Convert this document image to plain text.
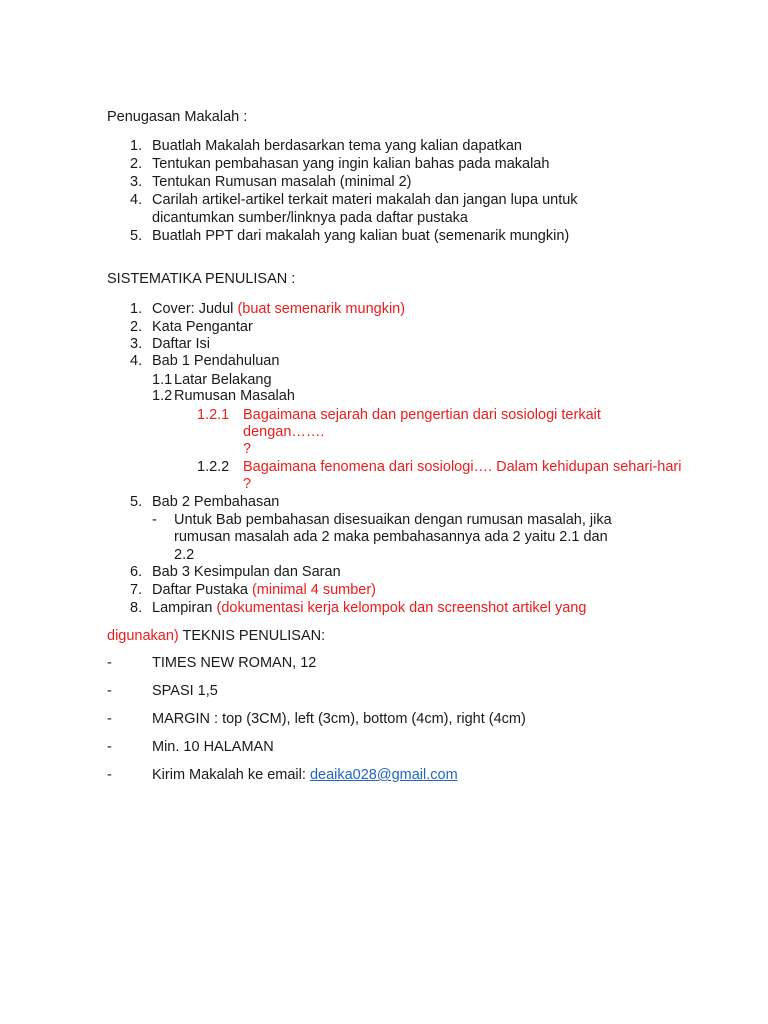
Penugasan Makalah :
1. Buatlah Makalah berdasarkan tema yang kalian dapatkan
2. Tentukan pembahasan yang ingin kalian bahas pada makalah
3. Tentukan Rumusan masalah (minimal 2)
4. Carilah artikel-artikel terkait materi makalah dan jangan lupa untuk
dicantumkan sumber/linknya pada daftar pustaka
5. Buatlah PPT dari makalah yang kalian buat (semenarik mungkin)
SISTEMATIKA PENULISAN :
1. Cover: Judul (buat semenarik mungkin)
2. Kata Pengantar
3. Daftar Isi
4. Bab 1 Pendahuluan
1.1 Latar Belakang
1.2 Rumusan Masalah
1.2.1 Bagaimana sejarah dan pengertian dari sosiologi terkait
dengan…….
?
1.2.2 Bagaimana fenomena dari sosiologi…. Dalam kehidupan sehari-hari
?
5. Bab 2 Pembahasan
- Untuk Bab pembahasan disesuaikan dengan rumusan masalah, jika
rumusan masalah ada 2 maka pembahasannya ada 2 yaitu 2.1 dan
2.2
6. Bab 3 Kesimpulan dan Saran
7. Daftar Pustaka (minimal 4 sumber)
8. Lampiran (dokumentasi kerja kelompok dan screenshot artikel yang
digunakan) TEKNIS PENULISAN:
-	TIMES NEW ROMAN, 12
-	SPASI 1,5
-	MARGIN : top (3CM), left (3cm), bottom (4cm), right (4cm)
-	Min. 10 HALAMAN
-	Kirim Makalah ke email: deaika028@gmail.com
